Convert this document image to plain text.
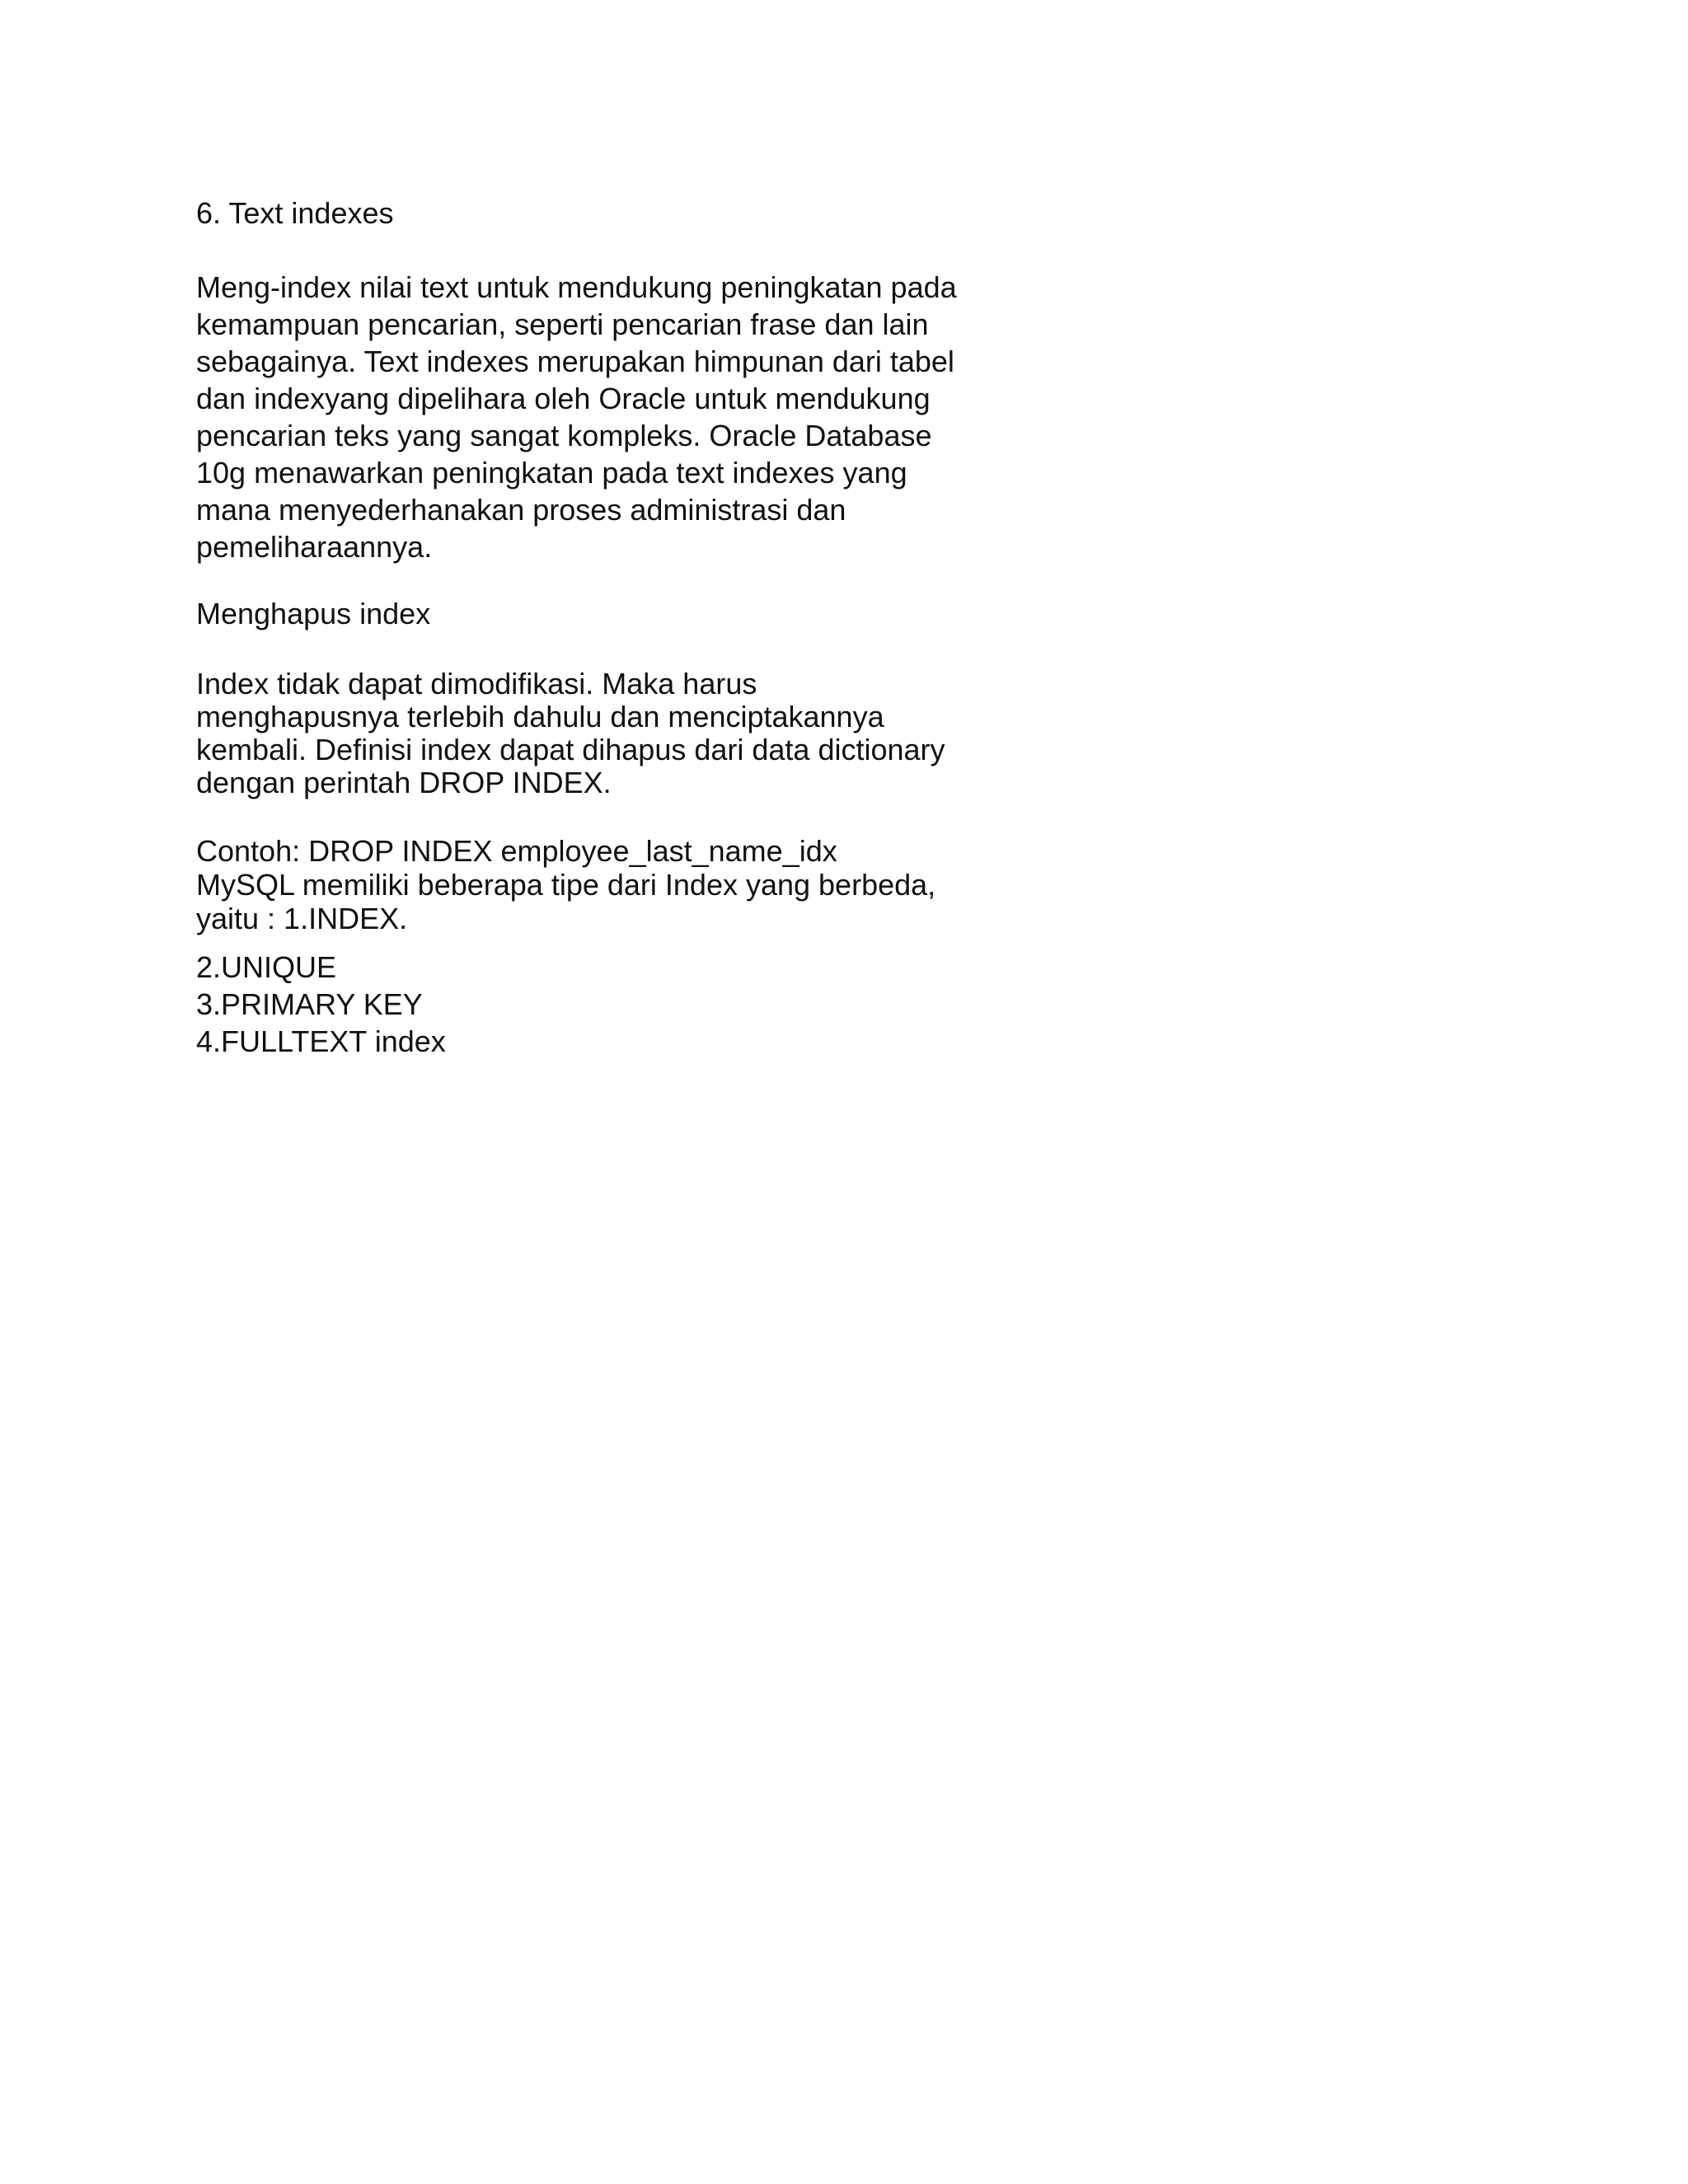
6. Text indexes
Meng-index nilai text untuk mendukung peningkatan pada
kemampuan pencarian, seperti pencarian frase dan lain
sebagainya. Text indexes merupakan himpunan dari tabel
dan indexyang dipelihara oleh Oracle untuk mendukung
pencarian teks yang sangat kompleks. Oracle Database
10g menawarkan peningkatan pada text indexes yang
mana menyederhanakan proses administrasi dan
pemeliharaannya.
Menghapus index
Index tidak dapat dimodifikasi. Maka harus
menghapusnya terlebih dahulu dan menciptakannya
kembali. Definisi index dapat dihapus dari data dictionary
dengan perintah DROP INDEX.
Contoh: DROP INDEX employee_last_name_idx
MySQL memiliki beberapa tipe dari Index yang berbeda,
yaitu : 1.INDEX.
2.UNIQUE
3.PRIMARY KEY
4.FULLTEXT index
